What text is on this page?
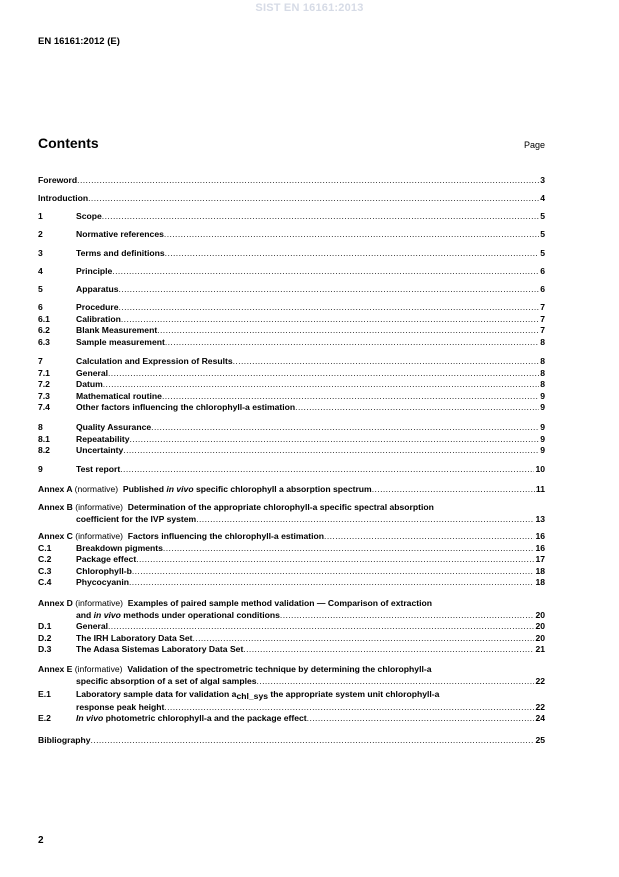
SIST EN 16161:2013
EN 16161:2012 (E)
Contents	Page
Foreword .....	3
Introduction .....	4
1	Scope .....	5
2	Normative references .....	5
3	Terms and definitions .....	5
4	Principle .....	6
5	Apparatus .....	6
6	Procedure .....	7
6.1	Calibration .....	7
6.2	Blank Measurement .....	7
6.3	Sample measurement .....	8
7	Calculation and Expression of Results .....	8
7.1	General .....	8
7.2	Datum .....	8
7.3	Mathematical routine .....	9
7.4	Other factors influencing the chlorophyll-a estimation .....	9
8	Quality Assurance .....	9
8.1	Repeatability .....	9
8.2	Uncertainty .....	9
9	Test report .....	10
Annex A (normative) Published in vivo specific chlorophyll a absorption spectrum .....	11
Annex B (informative) Determination of the appropriate chlorophyll-a specific spectral absorption
coefficient for the IVP system .....	13
Annex C (informative) Factors influencing the chlorophyll-a estimation .....	16
C.1	Breakdown pigments .....	16
C.2	Package effect .....	17
C.3	Chlorophyll-b .....	18
C.4	Phycocyanin .....	18
Annex D (informative) Examples of paired sample method validation — Comparison of extraction
and in vivo methods under operational conditions .....	20
D.1	General .....	20
D.2	The IRH Laboratory Data Set .....	20
D.3	The Adasa Sistemas Laboratory Data Set .....	21
Annex E (informative) Validation of the spectrometric technique by determining the chlorophyll-a
specific absorption of a set of algal samples .....	22
E.1	Laboratory sample data for validation $a_{chl\_sys}$ the appropriate system unit chlorophyll-a
response peak height .....	22
E.2	In vivo photometric chlorophyll-a and the package effect .....	24
Bibliography .....	25
2
